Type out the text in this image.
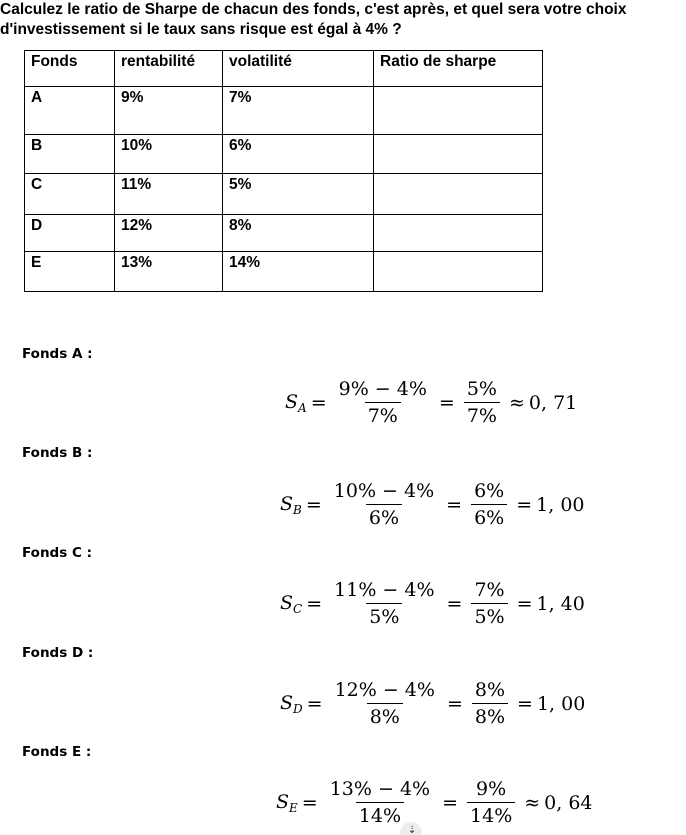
Calculez le ratio de Sharpe de chacun des fonds, c'est après, et quel sera votre choix
d'investissement si le taux sans risque est égal à 4% ?
Fonds	rentabilité	volatilité	Ratio de sharpe
A	9%	7%	
B	10%	6%	
C	11%	5%	
D	12%	8%	
E	13%	14%	
Fonds A :
$S_A = \frac{9\% - 4\%}{7\%} = \frac{5\%}{7\%} \approx 0$, 71
Fonds B :
$S_B = \frac{10\% - 4\%}{6\%} = \frac{6\%}{6\%} = 1$, 00
Fonds C :
$S_C = \frac{11\% - 4\%}{5\%} = \frac{7\%}{5\%} = 1$, 40
Fonds D :
$S_D = \frac{12\% - 4\%}{8\%} = \frac{8\%}{8\%} = 1$, 00
Fonds E :
$S_E = \frac{13\% - 4\%}{14\%} = \frac{9\%}{14\%} \approx 0$, 64
⇣
